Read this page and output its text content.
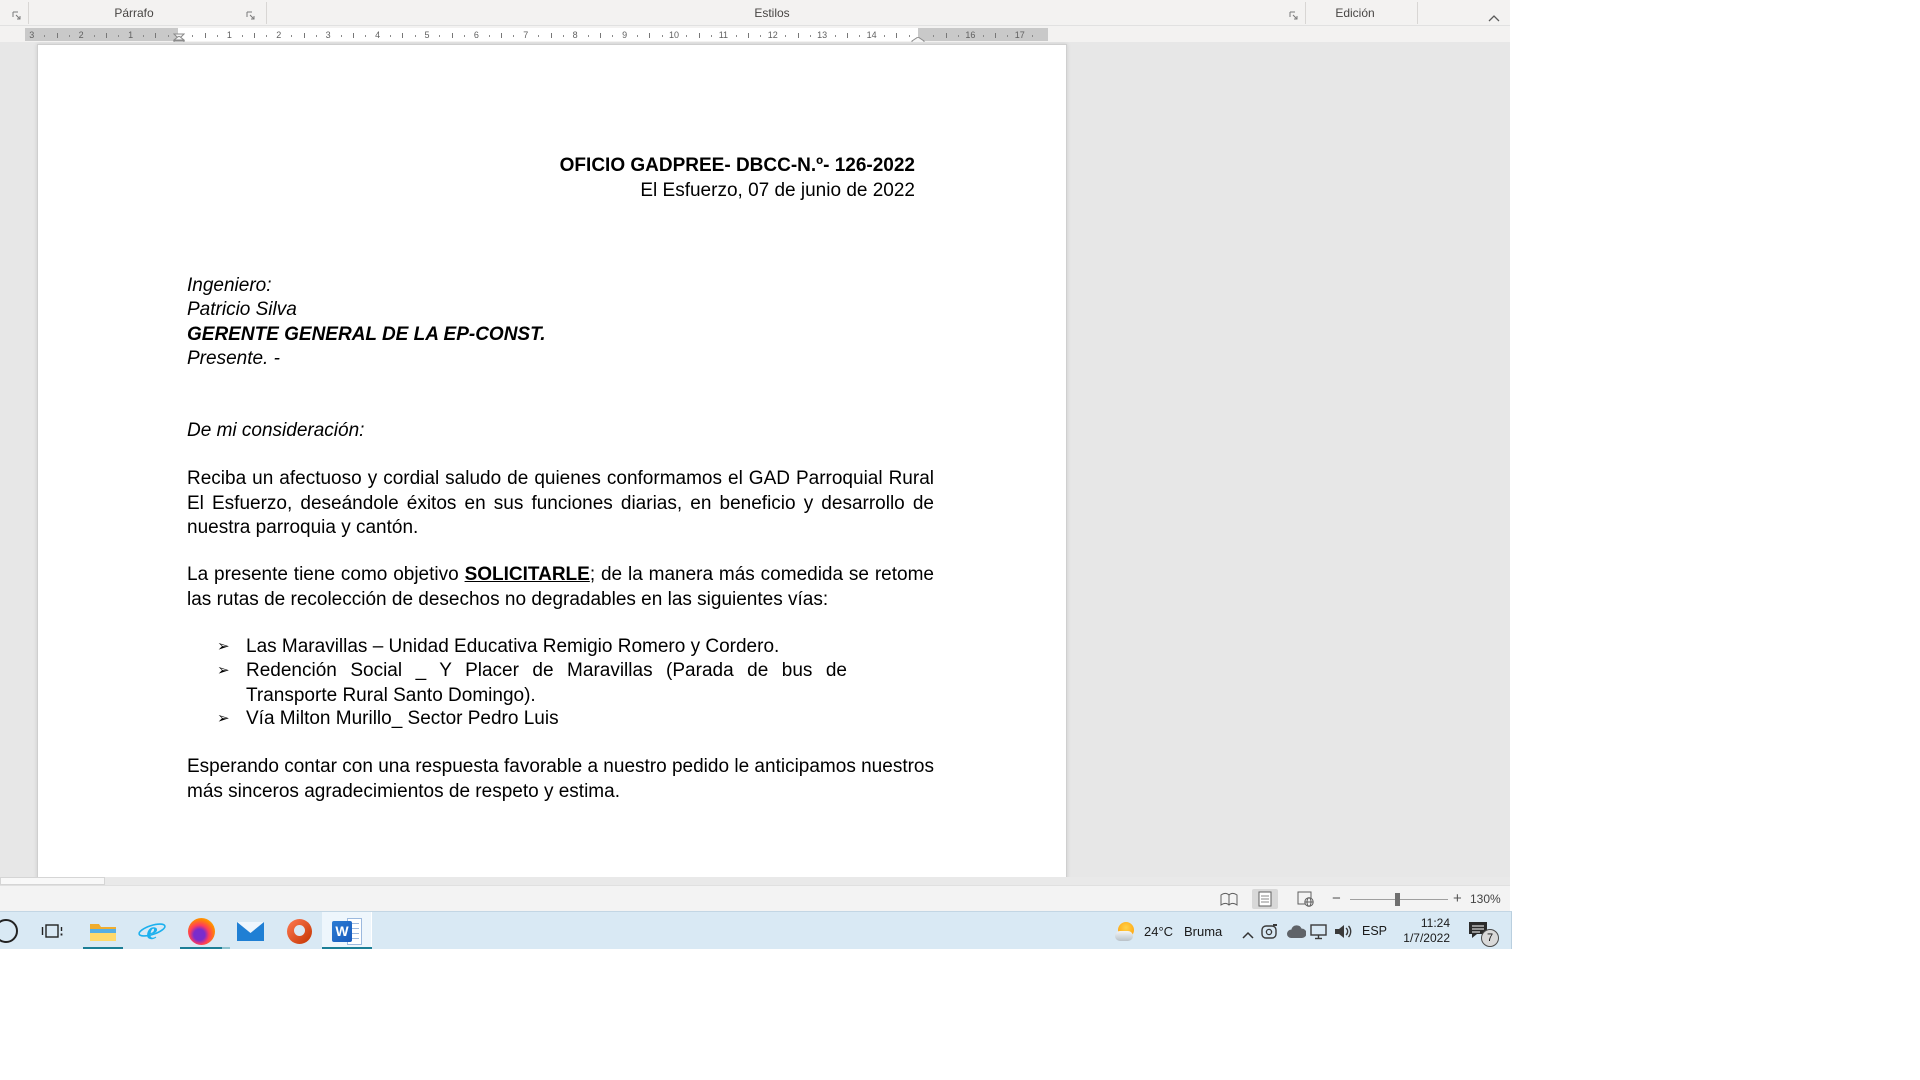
Párrafo	Estilos	Edición
3	2	1	1	2	3	4	5	6	7	8	9	10	11	12	13	14	16	17
OFICIO GADPREE- DBCC-N.º- 126-2022
El Esfuerzo, 07 de junio de 2022
Ingeniero:
Patricio Silva
GERENTE GENERAL DE LA EP-CONST.
Presente. -
De mi consideración:
Reciba un afectuoso y cordial saludo de quienes conformamos el GAD Parroquial Rural El Esfuerzo, deseándole éxitos en sus funciones diarias, en beneficio y desarrollo de nuestra parroquia y cantón.
La presente tiene como objetivo SOLICITARLE; de la manera más comedida se retome las rutas de recolección de desechos no degradables en las siguientes vías:
➢ Las Maravillas – Unidad Educativa Remigio Romero y Cordero.
➢ Redención Social _ Y Placer de Maravillas (Parada de bus de Transporte Rural Santo Domingo).
➢ Vía Milton Murillo_ Sector Pedro Luis
Esperando contar con una respuesta favorable a nuestro pedido le anticipamos nuestros más sinceros agradecimientos de respeto y estima.
−	+ 130%
e	W	24°C Bruma	ESP
11:24
1/7/2022	7
